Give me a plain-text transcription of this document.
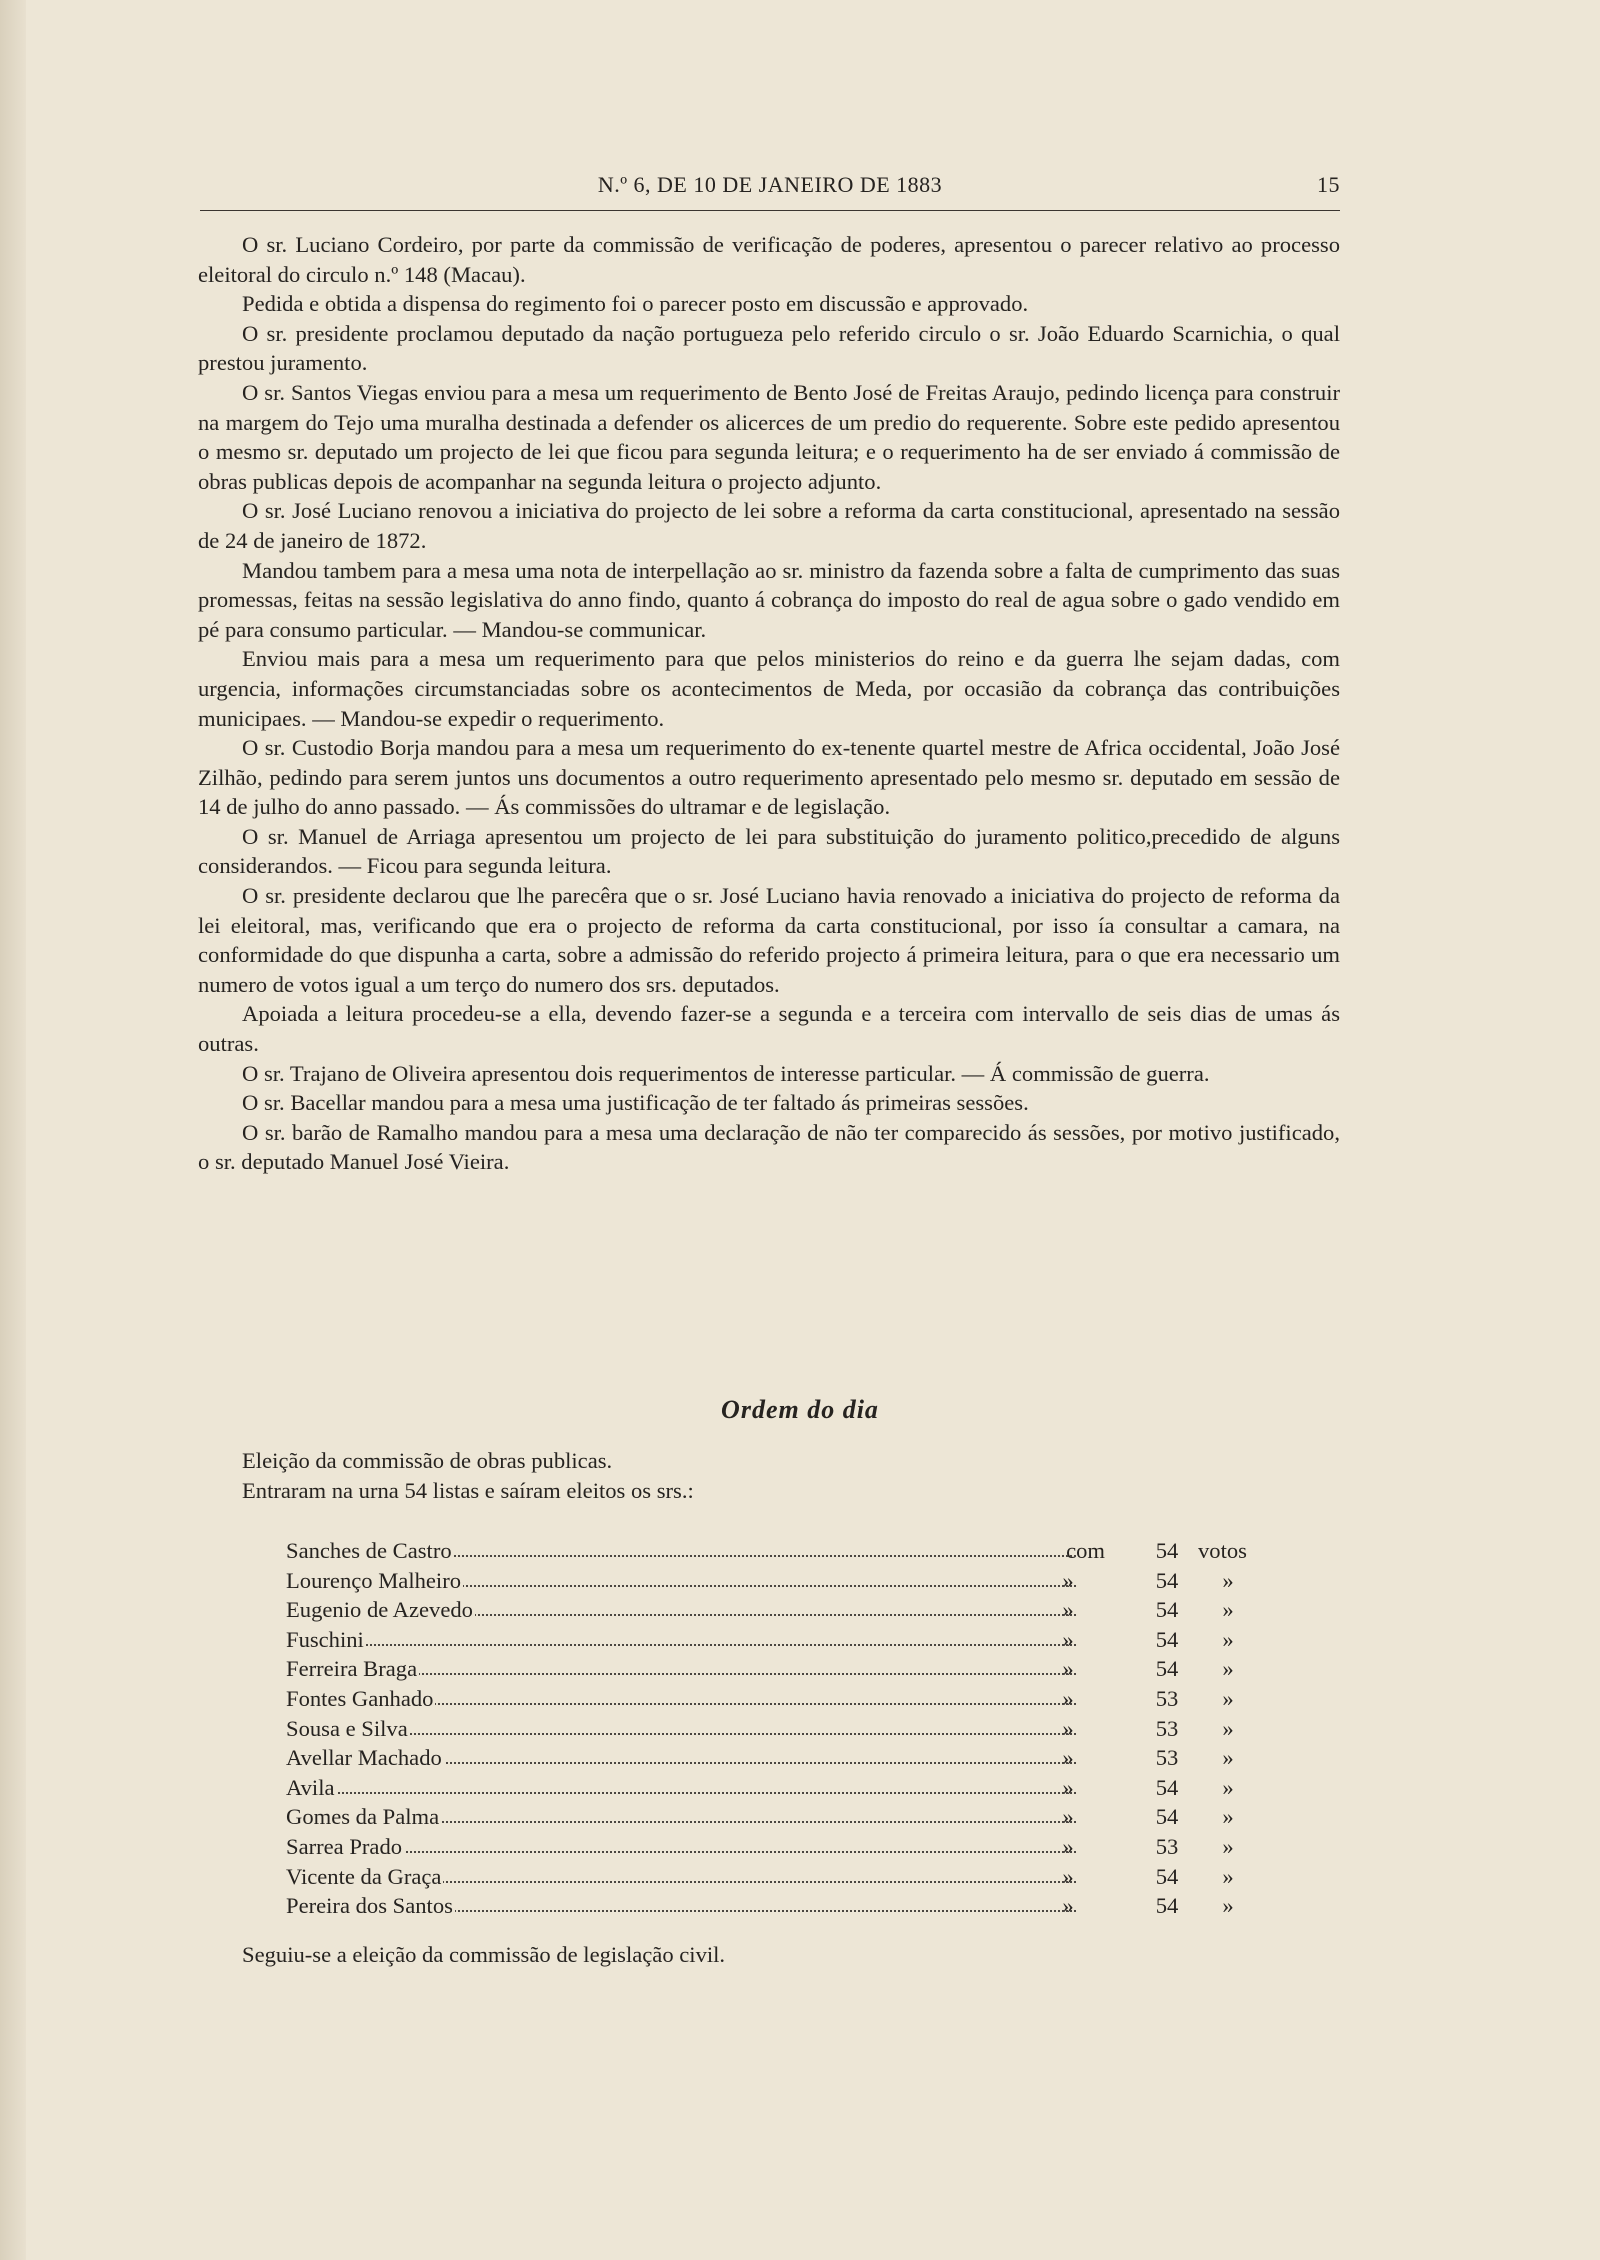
N.º 6, DE 10 DE JANEIRO DE 1883	15

O sr. Luciano Cordeiro, por parte da commissão de verificação de poderes, apresentou o parecer relativo ao processo eleitoral do circulo n.º 148 (Macau).

Pedida e obtida a dispensa do regimento foi o parecer posto em discussão e approvado.

O sr. presidente proclamou deputado da nação portugueza pelo referido circulo o sr. João Eduardo Scarnichia, o qual prestou juramento.

O sr. Santos Viegas enviou para a mesa um requerimento de Bento José de Freitas Araujo, pedindo licença para construir na margem do Tejo uma muralha destinada a defender os alicerces de um predio do requerente. Sobre este pedido apresentou o mesmo sr. deputado um projecto de lei que ficou para segunda leitura; e o requerimento ha de ser enviado á commissão de obras publicas depois de acompanhar na segunda leitura o projecto adjunto.

O sr. José Luciano renovou a iniciativa do projecto de lei sobre a reforma da carta constitucional, apresentado na sessão de 24 de janeiro de 1872.

Mandou tambem para a mesa uma nota de interpellação ao sr. ministro da fazenda sobre a falta de cumprimento das suas promessas, feitas na sessão legislativa do anno findo, quanto á cobrança do imposto do real de agua sobre o gado vendido em pé para consumo particular. — Mandou-se communicar.

Enviou mais para a mesa um requerimento para que pelos ministerios do reino e da guerra lhe sejam dadas, com urgencia, informações circumstanciadas sobre os acontecimentos de Meda, por occasião da cobrança das contribuições municipaes. — Mandou-se expedir o requerimento.

O sr. Custodio Borja mandou para a mesa um requerimento do ex-tenente quartel mestre de Africa occidental, João José Zilhão, pedindo para serem juntos uns documentos a outro requerimento apresentado pelo mesmo sr. deputado em sessão de 14 de julho do anno passado. — Ás commissões do ultramar e de legislação.

O sr. Manuel de Arriaga apresentou um projecto de lei para substituição do juramento politico,precedido de alguns considerandos. — Ficou para segunda leitura.

O sr. presidente declarou que lhe parecêra que o sr. José Luciano havia renovado a iniciativa do projecto de reforma da lei eleitoral, mas, verificando que era o projecto de reforma da carta constitucional, por isso ía consultar a camara, na conformidade do que dispunha a carta, sobre a admissão do referido projecto á primeira leitura, para o que era necessario um numero de votos igual a um terço do numero dos srs. deputados.

Apoiada a leitura procedeu-se a ella, devendo fazer-se a segunda e a terceira com intervallo de seis dias de umas ás outras.

O sr. Trajano de Oliveira apresentou dois requerimentos de interesse particular. — Á commissão de guerra.

O sr. Bacellar mandou para a mesa uma justificação de ter faltado ás primeiras sessões.

O sr. barão de Ramalho mandou para a mesa uma declaração de não ter comparecido ás sessões, por motivo justificado, o sr. deputado Manuel José Vieira.

Ordem do dia

Eleição da commissão de obras publicas.

Entraram na urna 54 listas e saíram eleitos os srs.:

Sanches de Castro	com	54 votos
Lourenço Malheiro	»	54	»
Eugenio de Azevedo	»	54	»
Fuschini	»	54	»
Ferreira Braga	»	54	»
Fontes Ganhado	»	53	»
Sousa e Silva	»	53	»
Avellar Machado	»	53	»
Avila	»	54	»
Gomes da Palma	»	54	»
Sarrea Prado	»	53	»
Vicente da Graça	»	54	»
Pereira dos Santos	»	54	»

Seguiu-se a eleição da commissão de legislação civil.
